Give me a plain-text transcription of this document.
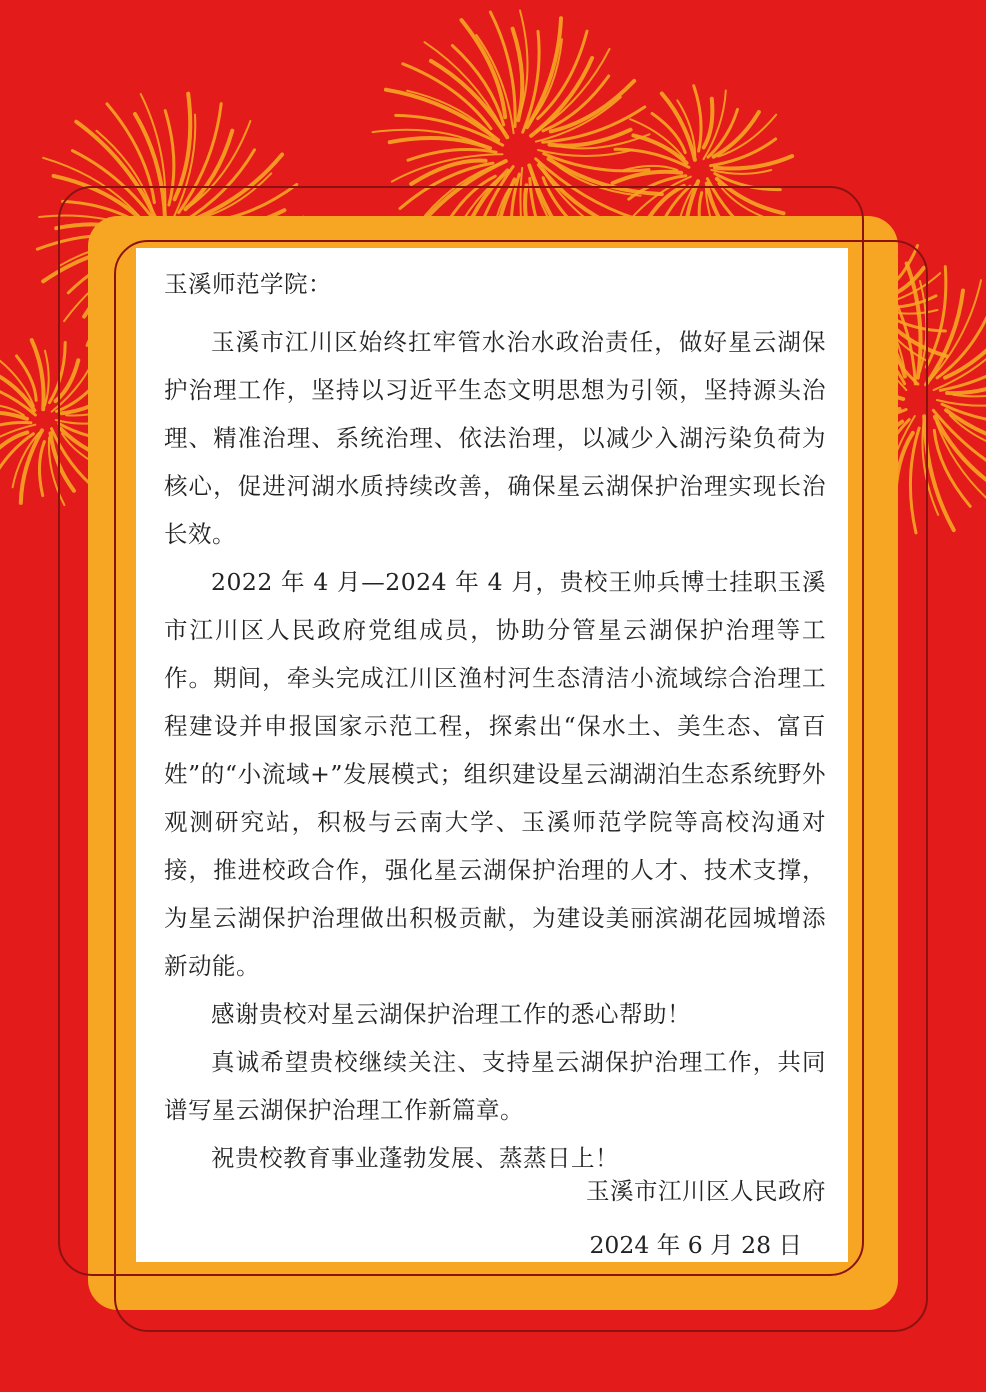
玉溪师范学院：

玉溪市江川区始终扛牢管水治水政治责任，做好星云湖保护治理工作，坚持以习近平生态文明思想为引领，坚持源头治理、精准治理、系统治理、依法治理，以减少入湖污染负荷为核心，促进河湖水质持续改善，确保星云湖保护治理实现长治长效。

2022 年 4 月—2024 年 4 月，贵校王帅兵博士挂职玉溪市江川区人民政府党组成员，协助分管星云湖保护治理等工作。期间，牵头完成江川区渔村河生态清洁小流域综合治理工程建设并申报国家示范工程，探索出“保水土、美生态、富百姓”的“小流域+”发展模式；组织建设星云湖湖泊生态系统野外观测研究站，积极与云南大学、玉溪师范学院等高校沟通对接，推进校政合作，强化星云湖保护治理的人才、技术支撑，为星云湖保护治理做出积极贡献，为建设美丽滨湖花园城增添新动能。

感谢贵校对星云湖保护治理工作的悉心帮助！

真诚希望贵校继续关注、支持星云湖保护治理工作，共同谱写星云湖保护治理工作新篇章。

祝贵校教育事业蓬勃发展、蒸蒸日上！

玉溪市江川区人民政府

2024 年 6 月 28 日
